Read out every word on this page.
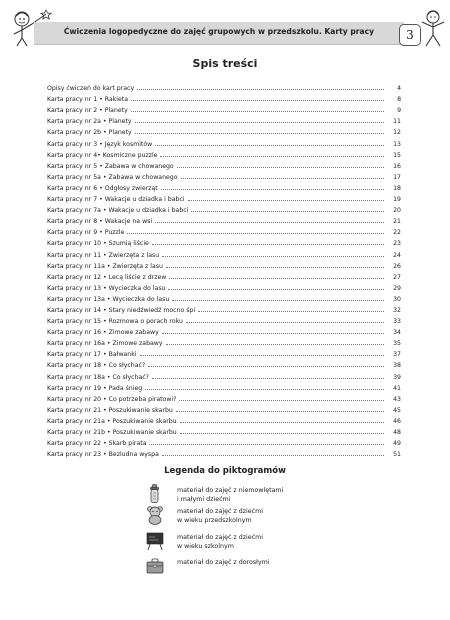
Ćwiczenia logopedyczne do zajęć grupowych w przedszkolu. Karty pracy	3
Spis treści
Opisy ćwiczeń do kart pracy	4
Karta pracy nr 1 • Rakieta	8
Karta pracy nr 2 • Planety	9
Karta pracy nr 2a • Planety	11
Karta pracy nr 2b • Planety	12
Karta pracy nr 3 • Język kosmitów	13
Karta pracy nr 4• Kosmiczne puzzle	15
Karta pracy nr 5 • Zabawa w chowanego	16
Karta pracy nr 5a • Zabawa w chowanego	17
Karta pracy nr 6 • Odgłosy zwierząt	18
Karta pracy nr 7 • Wakacje u dziadka i babci	19
Karta pracy nr 7a • Wakacje u dziadka i babci	20
Karta pracy nr 8 • Wakacje na wsi	21
Karta pracy nr 9 • Puzzle	22
Karta pracy nr 10 • Szumią liście	23
Karta pracy nr 11 • Zwierzęta z lasu	24
Karta pracy nr 11a • Zwierzęta z lasu	26
Karta pracy nr 12 • Lecą liście z drzew	27
Karta pracy nr 13 • Wycieczka do lasu	29
Karta pracy nr 13a • Wycieczka do lasu	30
Karta pracy nr 14 • Stary niedźwiedź mocno śpi	32
Karta pracy nr 15 • Rozmowa o porach roku	33
Karta pracy nr 16 • Zimowe zabawy	34
Karta pracy nr 16a • Zimowe zabawy	35
Karta pracy nr 17 • Bałwanki	37
Karta pracy nr 18 • Co słychać?	38
Karta pracy nr 18a • Co słychać?	39
Karta pracy nr 19 • Pada śnieg	41
Karta pracy nr 20 • Co potrzeba piratowi?	43
Karta pracy nr 21 • Poszukiwanie skarbu	45
Karta pracy nr 21a • Poszukiwanie skarbu	46
Karta pracy nr 21b • Poszukiwanie skarbu	48
Karta pracy nr 22 • Skarb pirata	49
Karta pracy nr 23 • Bezludna wyspa	51
Legenda do piktogramów
materiał do zajęć z niemowlętami
i małymi dziećmi
materiał do zajęć z dziećmi
w wieku przedszkolnym
materiał do zajęć z dziećmi
w wieku szkolnym
materiał do zajęć z dorosłymi
